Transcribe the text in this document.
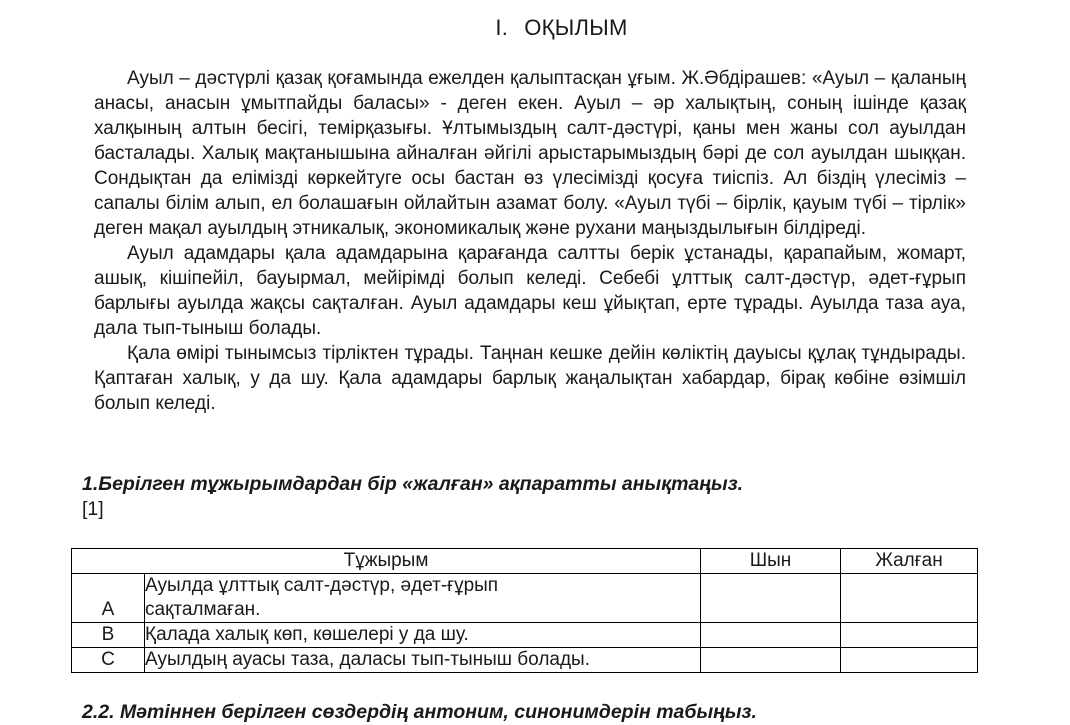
I. ОҚЫЛЫМ

Ауыл – дәстүрлі қазақ қоғамында ежелден қалыптасқан ұғым. Ж.Әбдірашев: «Ауыл – қаланың анасы, анасын ұмытпайды баласы» - деген екен. Ауыл – әр халықтың, соның ішінде қазақ халқының алтын бесігі, темірқазығы. Ұлтымыздың салт-дәстүрі, қаны мен жаны сол ауылдан басталады. Халық мақтанышына айналған әйгілі арыстарымыздың бәрі де сол ауылдан шыққан. Сондықтан да елімізді көркейтуге осы бастан өз үлесімізді қосуға тиіспіз. Ал біздің үлесіміз – сапалы білім алып, ел болашағын ойлайтын азамат болу. «Ауыл түбі – бірлік, қауым түбі – тірлік» деген мақал ауылдың этникалық, экономикалық және рухани маңыздылығын білдіреді.

Ауыл адамдары қала адамдарына қарағанда салтты берік ұстанады, қарапайым, жомарт, ашық, кішіпейіл, бауырмал, мейірімді болып келеді. Себебі ұлттық салт-дәстүр, әдет-ғұрып барлығы ауылда жақсы сақталған. Ауыл адамдары кеш ұйықтап, ерте тұрады. Ауылда таза ауа, дала тып-тыныш болады.

Қала өмірі тынымсыз тірліктен тұрады. Таңнан кешке дейін көліктің дауысы құлақ тұндырады. Қаптаған халық, у да шу. Қала адамдары барлық жаңалықтан хабардар, бірақ көбіне өзімшіл болып келеді.

1.Берілген тұжырымдардан бір «жалған» ақпаратты анықтаңыз.
[1]
Тұжырым		Шын	Жалған
A	Ауылда ұлттық салт-дәстүр, әдет-ғұрып сақталмаған.		

B	Қалада халық көп, көшелері у да шу.		
C	Ауылдың ауасы таза, даласы тып-тыныш болады.		
2.2. Мәтіннен берілген сөздердің антоним, синонимдерін табыңыз.
